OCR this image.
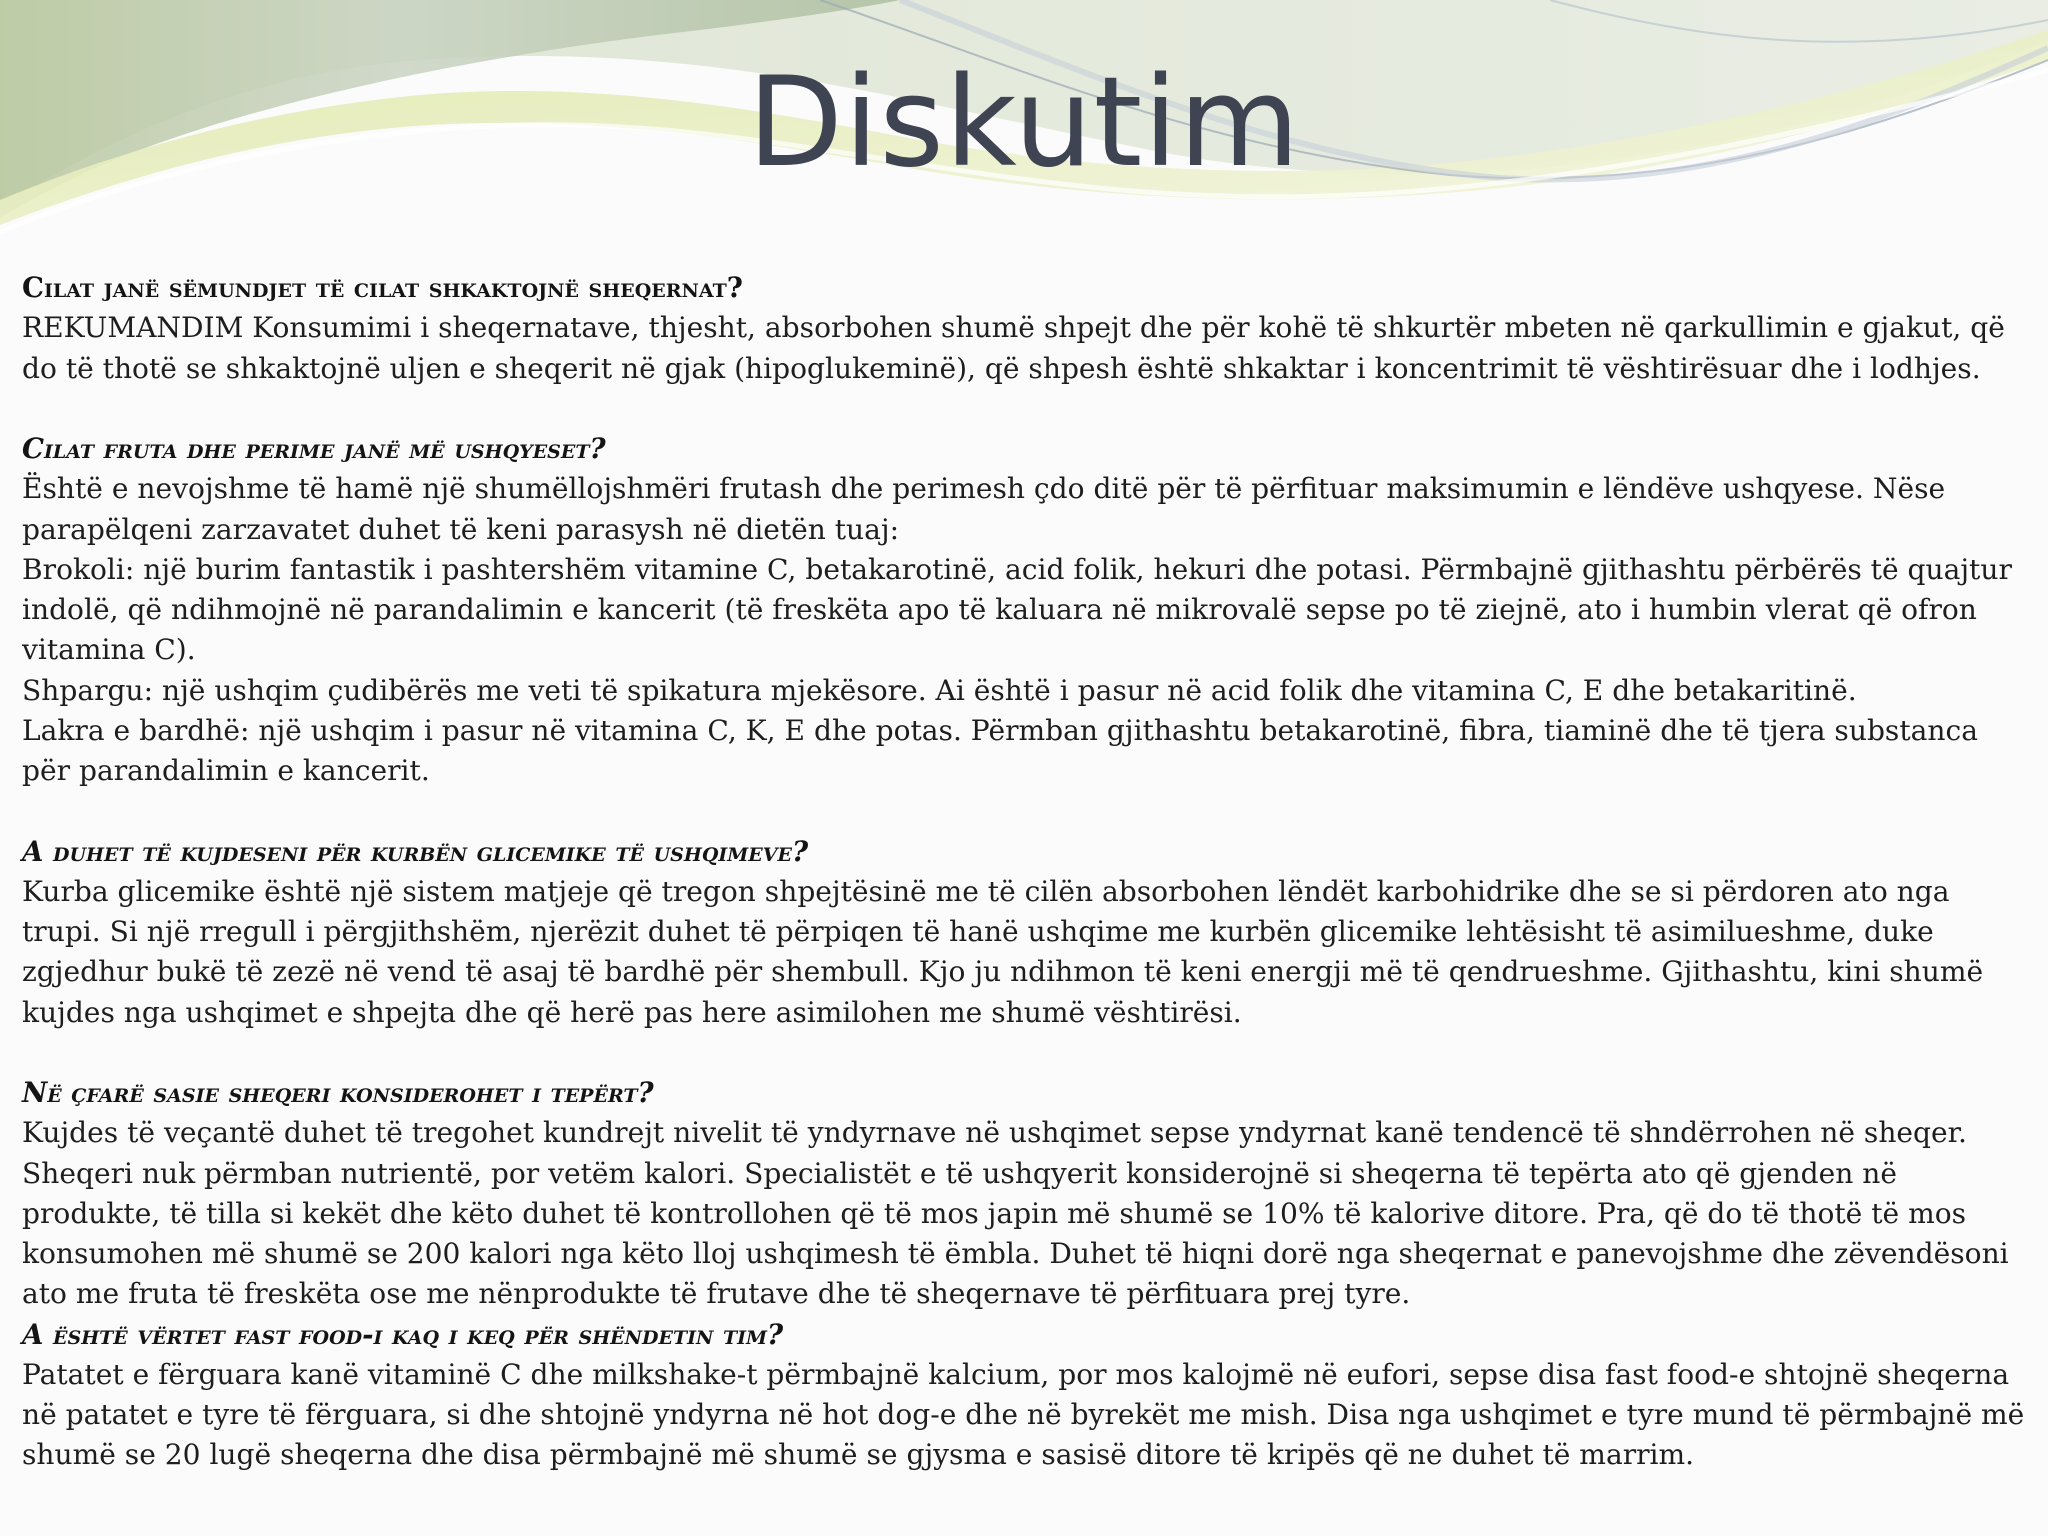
Diskutim
Cilat janë sëmundjet të cilat shkaktojnë sheqernat?

REKUMANDIM Konsumimi i sheqernatave, thjesht, absorbohen shumë shpejt dhe për kohë të shkurtër mbeten në qarkullimin e gjakut, që do të thotë se shkaktojnë uljen e sheqerit në gjak (hipoglukeminë), që shpesh është shkaktar i koncentrimit të vështirësuar dhe i lodhjes.

Cilat fruta dhe perime janë më ushqyeset?

Është e nevojshme të hamë një shumëllojshmëri frutash dhe perimesh çdo ditë për të përfituar maksimumin e lëndëve ushqyese. Nëse parapëlqeni zarzavatet duhet të keni parasysh në dietën tuaj:

Brokoli: një burim fantastik i pashtershëm vitamine C, betakarotinë, acid folik, hekuri dhe potasi. Përmbajnë gjithashtu përbërës të quajtur indolë, që ndihmojnë në parandalimin e kancerit (të freskëta apo të kaluara në mikrovalë sepse po të ziejnë, ato i humbin vlerat që ofron vitamina C).

Shpargu: një ushqim çudibërës me veti të spikatura mjekësore. Ai është i pasur në acid folik dhe vitamina C, E dhe betakaritinë.

Lakra e bardhë: një ushqim i pasur në vitamina C, K, E dhe potas. Përmban gjithashtu betakarotinë, fibra, tiaminë dhe të tjera substanca për parandalimin e kancerit.

A duhet të kujdeseni për kurbën glicemike të ushqimeve?

Kurba glicemike është një sistem matjeje që tregon shpejtësinë me të cilën absorbohen lëndët karbohidrike dhe se si përdoren ato nga trupi. Si një rregull i përgjithshëm, njerëzit duhet të përpiqen të hanë ushqime me kurbën glicemike lehtësisht të asimilueshme, duke zgjedhur bukë të zezë në vend të asaj të bardhë për shembull. Kjo ju ndihmon të keni energji më të qendrueshme. Gjithashtu, kini shumë kujdes nga ushqimet e shpejta dhe që herë pas here asimilohen me shumë vështirësi.

Në çfarë sasie sheqeri konsiderohet i tepërt?

Kujdes të veçantë duhet të tregohet kundrejt nivelit të yndyrnave në ushqimet sepse yndyrnat kanë tendencë të shndërrohen në sheqer. Sheqeri nuk përmban nutrientë, por vetëm kalori. Specialistët e të ushqyerit konsiderojnë si sheqerna të tepërta ato që gjenden në produkte, të tilla si kekët dhe këto duhet të kontrollohen që të mos japin më shumë se 10% të kalorive ditore. Pra, që do të thotë të mos konsumohen më shumë se 200 kalori nga këto lloj ushqimesh të ëmbla. Duhet të hiqni dorë nga sheqernat e panevojshme dhe zëvendësoni ato me fruta të freskëta ose me nënprodukte të frutave dhe të sheqernave të përfituara prej tyre.

A është vërtet fast food-i kaq i keq për shëndetin tim?

Patatet e fërguara kanë vitaminë C dhe milkshake-t përmbajnë kalcium, por mos kalojmë në eufori, sepse disa fast food-e shtojnë sheqerna në patatet e tyre të fërguara, si dhe shtojnë yndyrna në hot dog-e dhe në byrekët me mish. Disa nga ushqimet e tyre mund të përmbajnë më shumë se 20 lugë sheqerna dhe disa përmbajnë më shumë se gjysma e sasisë ditore të kripës që ne duhet të marrim.
